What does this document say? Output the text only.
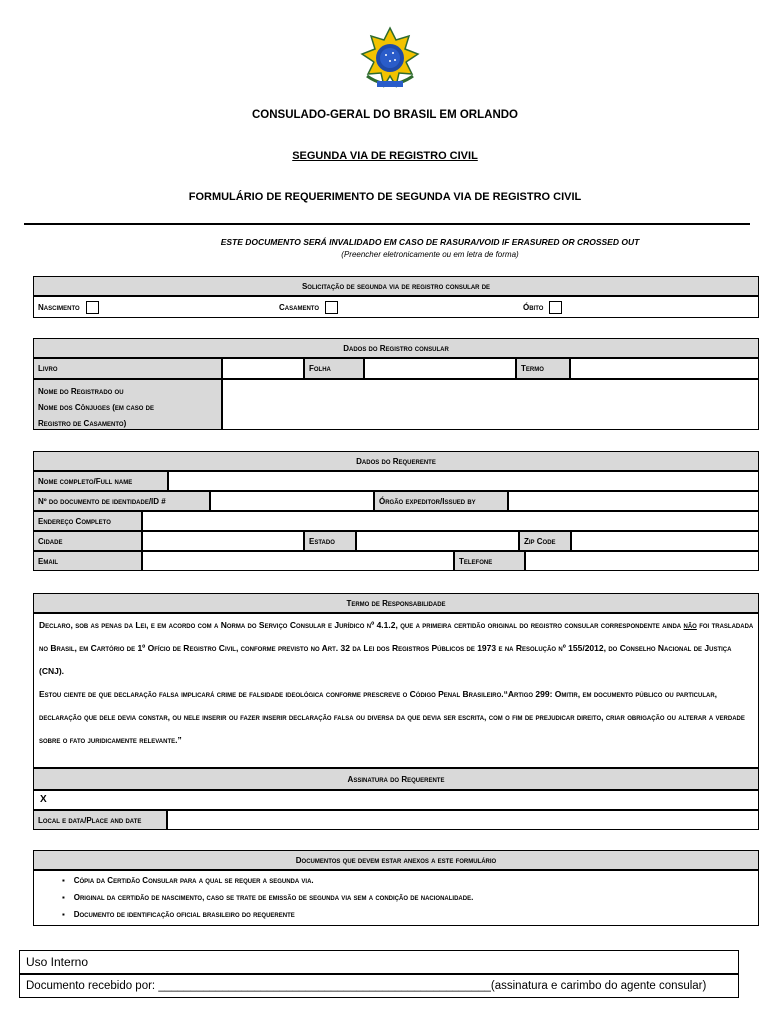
CONSULADO-GERAL DO BRASIL EM ORLANDO
SEGUNDA VIA DE REGISTRO CIVIL
FORMULÁRIO DE REQUERIMENTO DE SEGUNDA VIA DE REGISTRO CIVIL
ESTE DOCUMENTO SERÁ INVALIDADO EM CASO DE RASURA/VOID IF ERASURED OR CROSSED OUT
(Preencher eletronicamente ou em letra de forma)
Solicitação de segunda via de registro consular de
Nascimento	Casamento	Óbito
Dados do Registro consular
Livro	Folha	Termo
Nome do Registrado ou
Nome dos Cônjuges (em caso de
Registro de Casamento)
Dados do Requerente
Nome completo/Full name
Nº do documento de identidade/ID #	Órgão expeditor/Issued by
Endereço Completo
Cidade	Estado	Zip Code
Email	Telefone
Termo de Responsabilidade

Declaro, sob as penas da Lei, e em acordo com a Norma do Serviço Consular e Jurídico nº 4.1.2, que a primeira certidão original do registro consular correspondente ainda não foi trasladada no Brasil, em Cartório de 1º Ofício de Registro Civil, conforme previsto no Art. 32 da Lei dos Registros Públicos de 1973 e na Resolução nº 155/2012, do Conselho Nacional de Justiça (CNJ).

Estou ciente de que declaração falsa implicará crime de falsidade ideológica conforme prescreve o Código Penal Brasileiro.“Artigo 299: Omitir, em documento público ou particular, declaração que dele devia constar, ou nele inserir ou fazer inserir declaração falsa ou diversa da que devia ser escrita, com o fim de prejudicar direito, criar obrigação ou alterar a verdade sobre o fato juridicamente relevante.”

Assinatura do Requerente
X
Local e data/Place and date
Documentos que devem estar anexos a este formulário
▪    Cópia da Certidão Consular para a qual se requer a segunda via.
▪    Original da certidão de nascimento, caso se trate de emissão de segunda via sem a condição de nacionalidade.
▪    Documento de identificação oficial brasileiro do requerente
Uso Interno
Documento recebido por: ____________________________________________________(assinatura e carimbo do agente consular)
